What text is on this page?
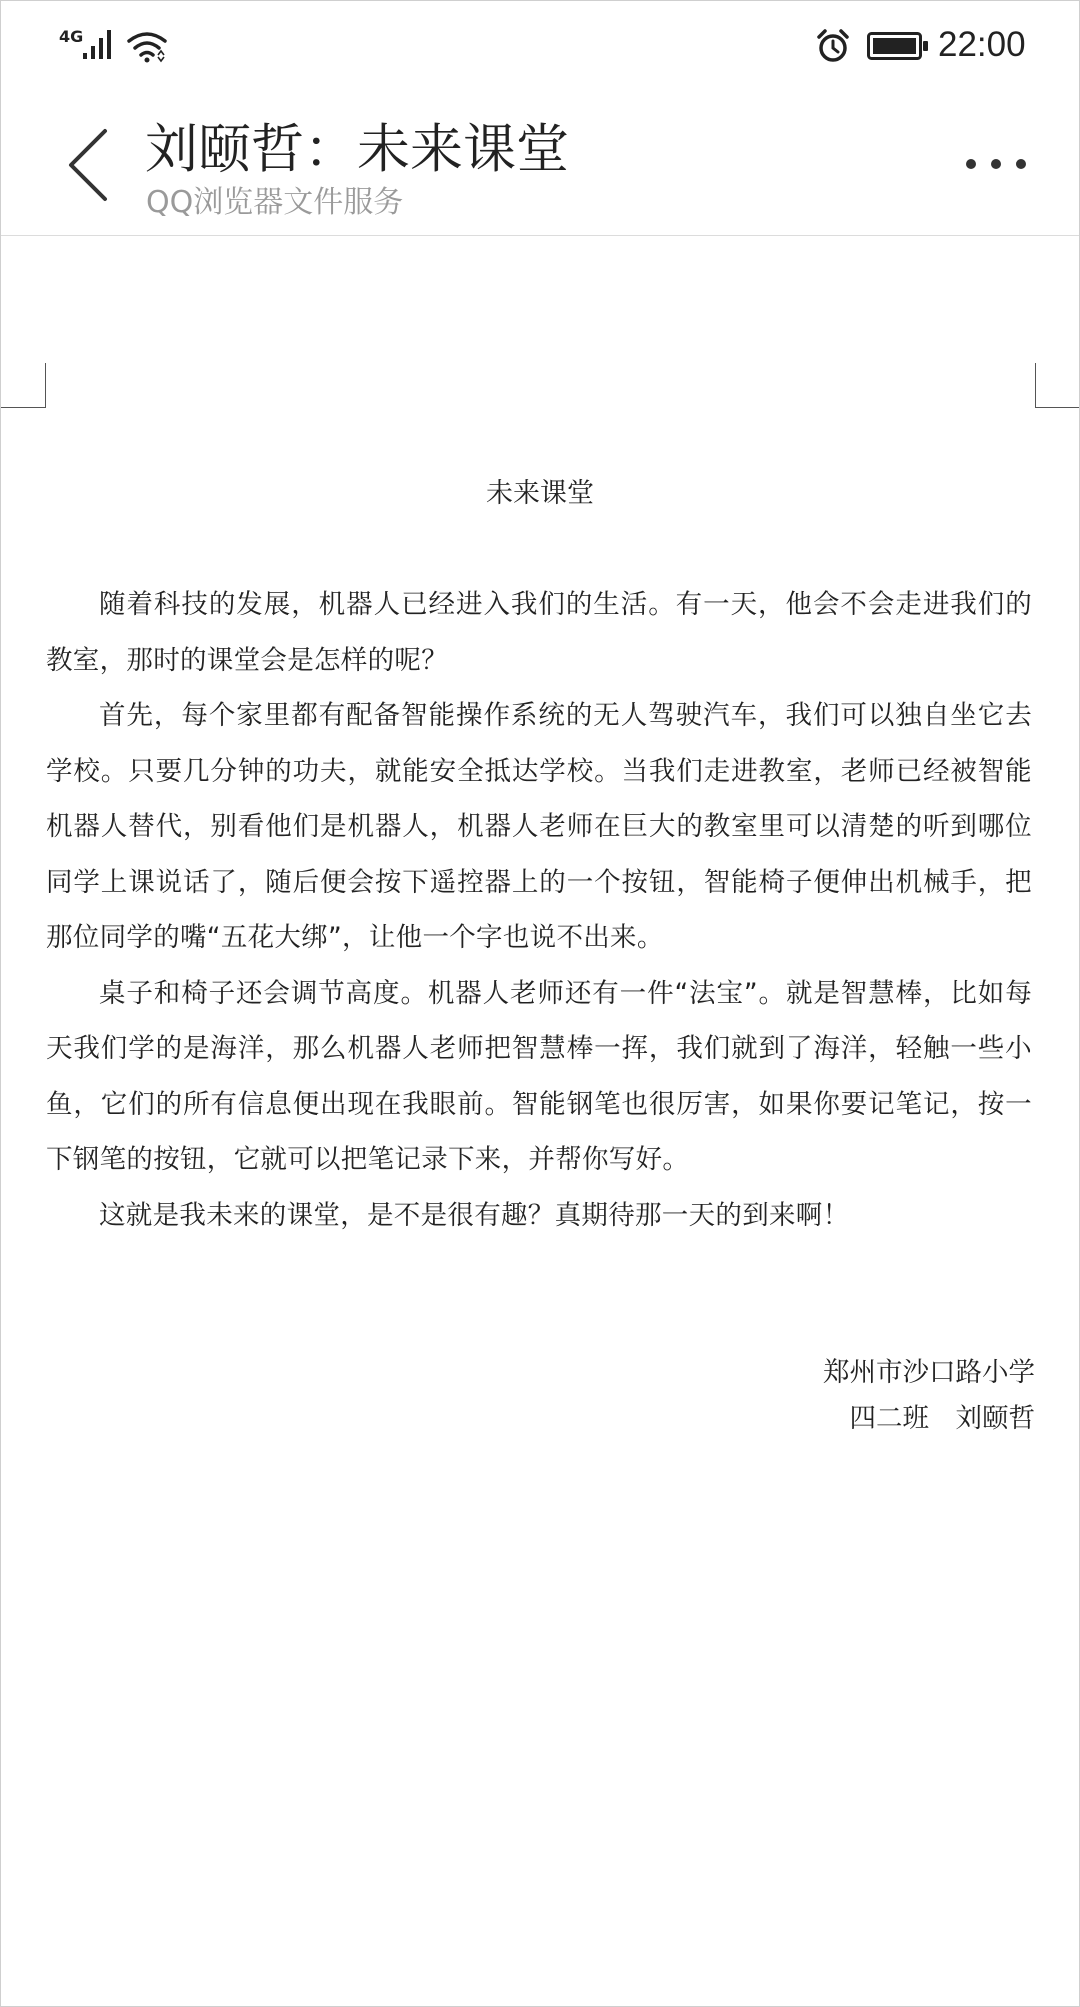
4G	22:00
刘颐哲：未来课堂
QQ浏览器文件服务
未来课堂

随着科技的发展，机器人已经进入我们的生活。有一天，他会不会走进我们的教室，那时的课堂会是怎样的呢？

首先，每个家里都有配备智能操作系统的无人驾驶汽车，我们可以独自坐它去学校。只要几分钟的功夫，就能安全抵达学校。当我们走进教室，老师已经被智能机器人替代，别看他们是机器人，机器人老师在巨大的教室里可以清楚的听到哪位同学上课说话了，随后便会按下遥控器上的一个按钮，智能椅子便伸出机械手，把那位同学的嘴“五花大绑”，让他一个字也说不出来。

桌子和椅子还会调节高度。机器人老师还有一件“法宝”。就是智慧棒，比如每天我们学的是海洋，那么机器人老师把智慧棒一挥，我们就到了海洋，轻触一些小鱼，它们的所有信息便出现在我眼前。智能钢笔也很厉害，如果你要记笔记，按一下钢笔的按钮，它就可以把笔记录下来，并帮你写好。

这就是我未来的课堂，是不是很有趣？真期待那一天的到来啊！

郑州市沙口路小学
四二班　刘颐哲
